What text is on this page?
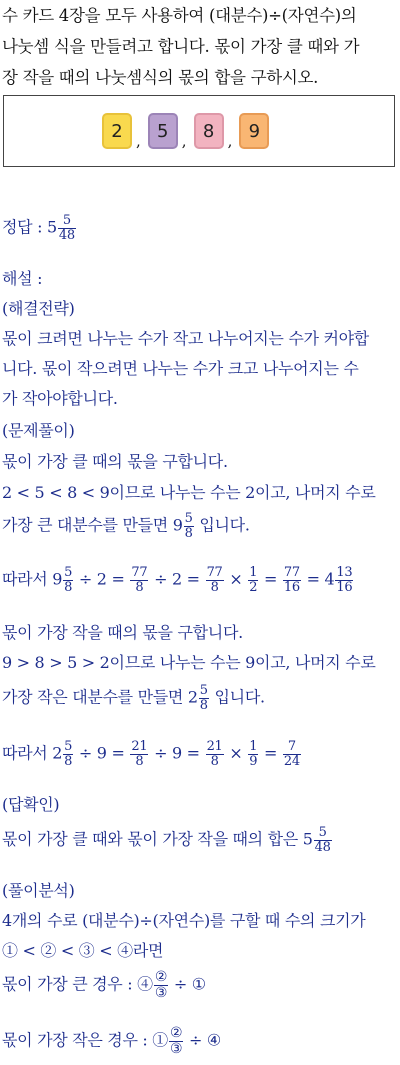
수 카드 4장을 모두 사용하여 (대분수)÷(자연수)의
나눗셈 식을 만들려고 합니다. 몫이 가장 클 때와 가
장 작을 때의 나눗셈식의 몫의 합을 구하시오.
2 , 5 , 8 , 9
정답 : $5 \frac{5}{48}$
해설 :
(해결전략)
몫이 크려면 나누는 수가 작고 나누어지는 수가 커야합
니다. 몫이 작으려면 나누는 수가 크고 나누어지는 수
가 작아야합니다.
(문제풀이)
몫이 가장 클 때의 몫을 구합니다.
2 < 5 < 8 < 9이므로 나누는 수는 2이고, 나머지 수로
가장 큰 대분수를 만들면 $9 \frac{5}{8}$ 입니다.
따라서 $9 \frac{5}{8} \div 2 = \frac{77}{8} \div 2 = \frac{77}{8} \times \frac{1}{2} = \frac{77}{16} = 4 \frac{13}{16}$
몫이 가장 작을 때의 몫을 구합니다.
9 > 8 > 5 > 2이므로 나누는 수는 9이고, 나머지 수로
가장 작은 대분수를 만들면 $2 \frac{5}{8}$ 입니다.
따라서 $2 \frac{5}{8} \div 9 = \frac{21}{8} \div 9 = \frac{21}{8} \times \frac{1}{9} = \frac{7}{24}$
(답확인)
몫이 가장 클 때와 몫이 가장 작을 때의 합은 $5 \frac{5}{48}$
(풀이분석)
4개의 수로 (대분수)÷(자연수)를 구할 때 수의 크기가
① < ② < ③ < ④라면
몫이 가장 큰 경우 : ④ $\frac{\text{②}}{\text{③}}$ ÷ ①
몫이 가장 작은 경우 : ① $\frac{\text{②}}{\text{③}}$ ÷ ④
